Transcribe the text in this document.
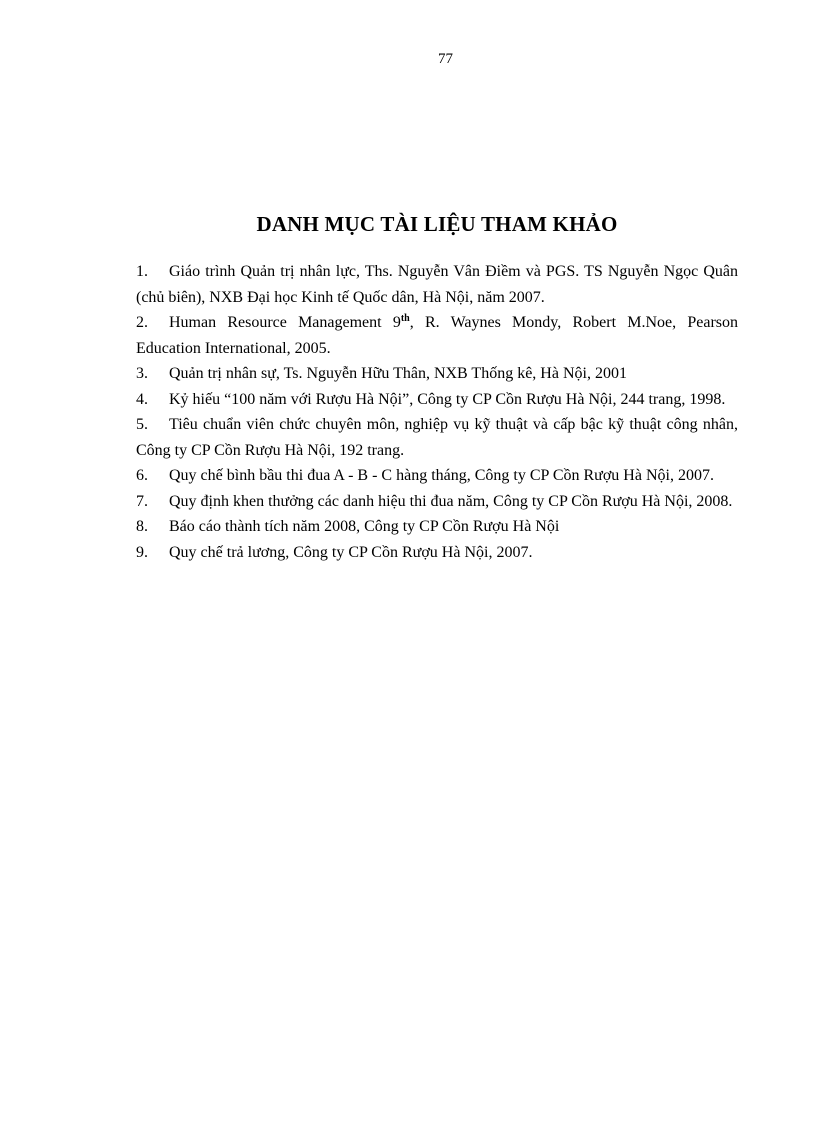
77
DANH MỤC TÀI LIỆU THAM KHẢO
1. Giáo trình Quản trị nhân lực, Ths. Nguyễn Vân Điềm và PGS. TS Nguyễn Ngọc Quân (chủ biên), NXB Đại học Kinh tế Quốc dân, Hà Nội, năm 2007.
2. Human Resource Management 9th, R. Waynes Mondy, Robert M.Noe, Pearson Education International, 2005.
3. Quản trị nhân sự, Ts. Nguyễn Hữu Thân, NXB Thống kê, Hà Nội, 2001
4. Kỷ hiếu “100 năm với Rượu Hà Nội”, Công ty CP Cồn Rượu Hà Nội, 244 trang, 1998.
5. Tiêu chuẩn viên chức chuyên môn, nghiệp vụ kỹ thuật và cấp bậc kỹ thuật công nhân, Công ty CP Cồn Rượu Hà Nội, 192 trang.
6. Quy chế bình bầu thi đua A - B - C hàng tháng, Công ty CP Cồn Rượu Hà Nội, 2007.
7. Quy định khen thưởng các danh hiệu thi đua năm, Công ty CP Cồn Rượu Hà Nội, 2008.
8. Báo cáo thành tích năm 2008, Công ty CP Cồn Rượu Hà Nội
9. Quy chế trả lương, Công ty CP Cồn Rượu Hà Nội, 2007.
